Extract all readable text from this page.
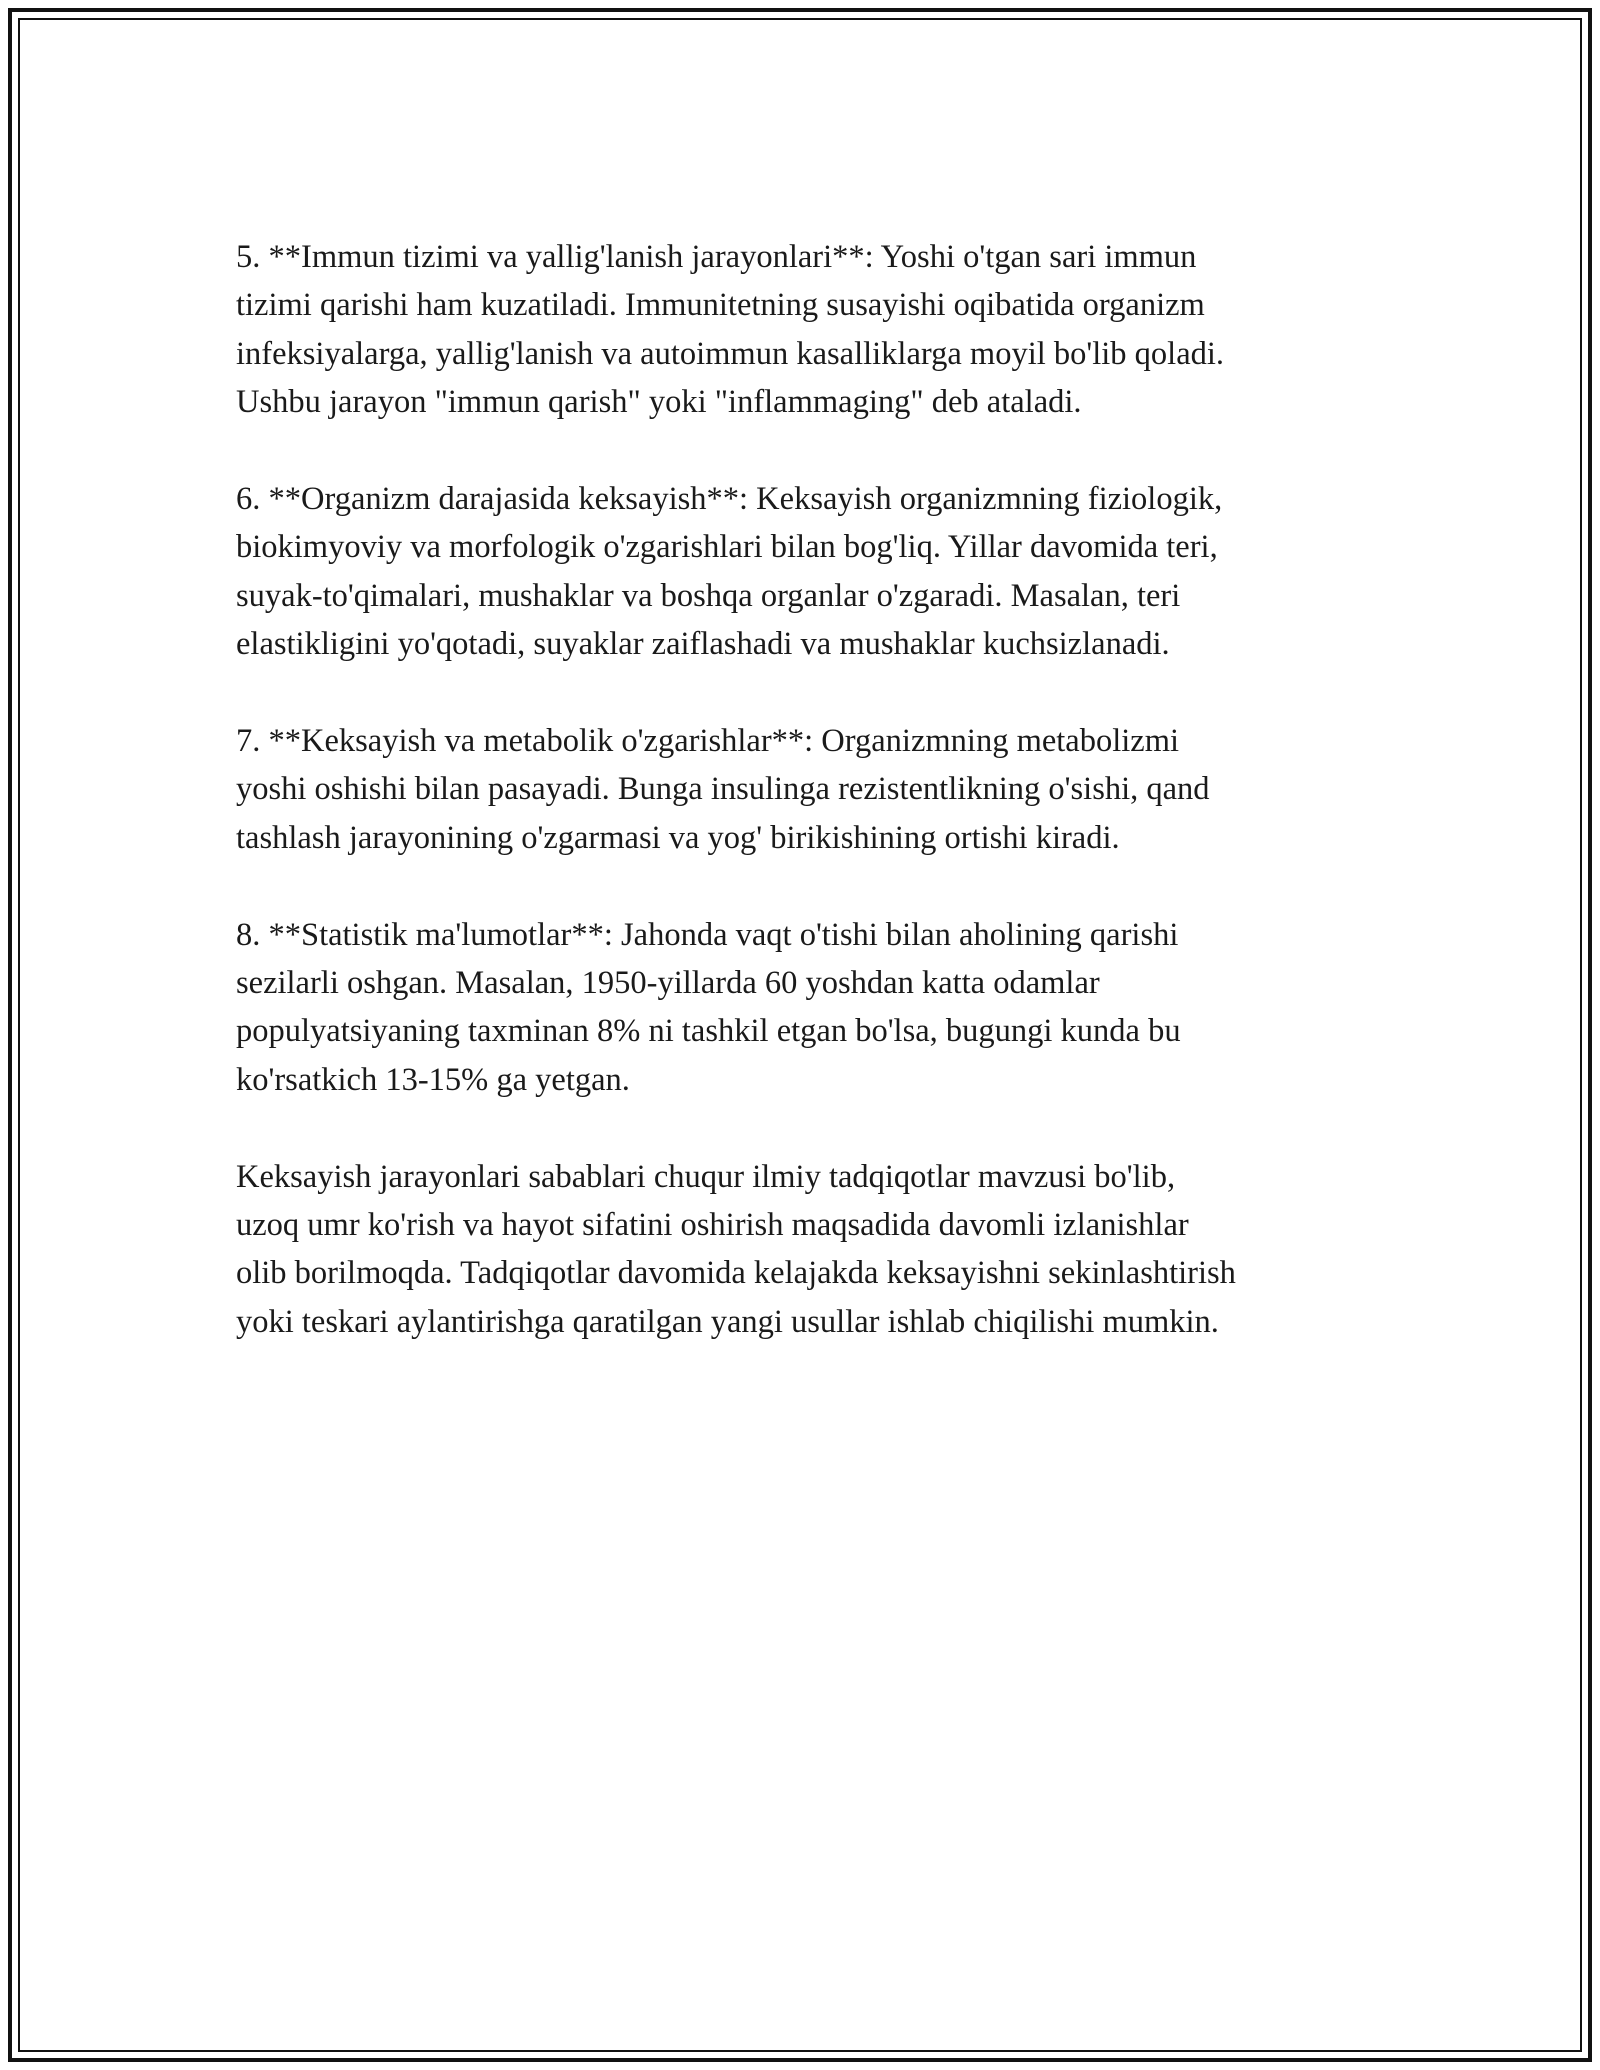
5. **Immun tizimi va yallig'lanish jarayonlari**: Yoshi o'tgan sari immun
tizimi qarishi ham kuzatiladi. Immunitetning susayishi oqibatida organizm
infeksiyalarga, yallig'lanish va autoimmun kasalliklarga moyil bo'lib qoladi.
Ushbu jarayon "immun qarish" yoki "inflammaging" deb ataladi.

6. **Organizm darajasida keksayish**: Keksayish organizmning fiziologik,
biokimyoviy va morfologik o'zgarishlari bilan bog'liq. Yillar davomida teri,
suyak-to'qimalari, mushaklar va boshqa organlar o'zgaradi. Masalan, teri
elastikligini yo'qotadi, suyaklar zaiflashadi va mushaklar kuchsizlanadi.

7. **Keksayish va metabolik o'zgarishlar**: Organizmning metabolizmi
yoshi oshishi bilan pasayadi. Bunga insulinga rezistentlikning o'sishi, qand
tashlash jarayonining o'zgarmasi va yog' birikishining ortishi kiradi.

8. **Statistik ma'lumotlar**: Jahonda vaqt o'tishi bilan aholining qarishi
sezilarli oshgan. Masalan, 1950-yillarda 60 yoshdan katta odamlar
populyatsiyaning taxminan 8% ni tashkil etgan bo'lsa, bugungi kunda bu
ko'rsatkich 13-15% ga yetgan.

Keksayish jarayonlari sabablari chuqur ilmiy tadqiqotlar mavzusi bo'lib,
uzoq umr ko'rish va hayot sifatini oshirish maqsadida davomli izlanishlar
olib borilmoqda. Tadqiqotlar davomida kelajakda keksayishni sekinlashtirish
yoki teskari aylantirishga qaratilgan yangi usullar ishlab chiqilishi mumkin.
